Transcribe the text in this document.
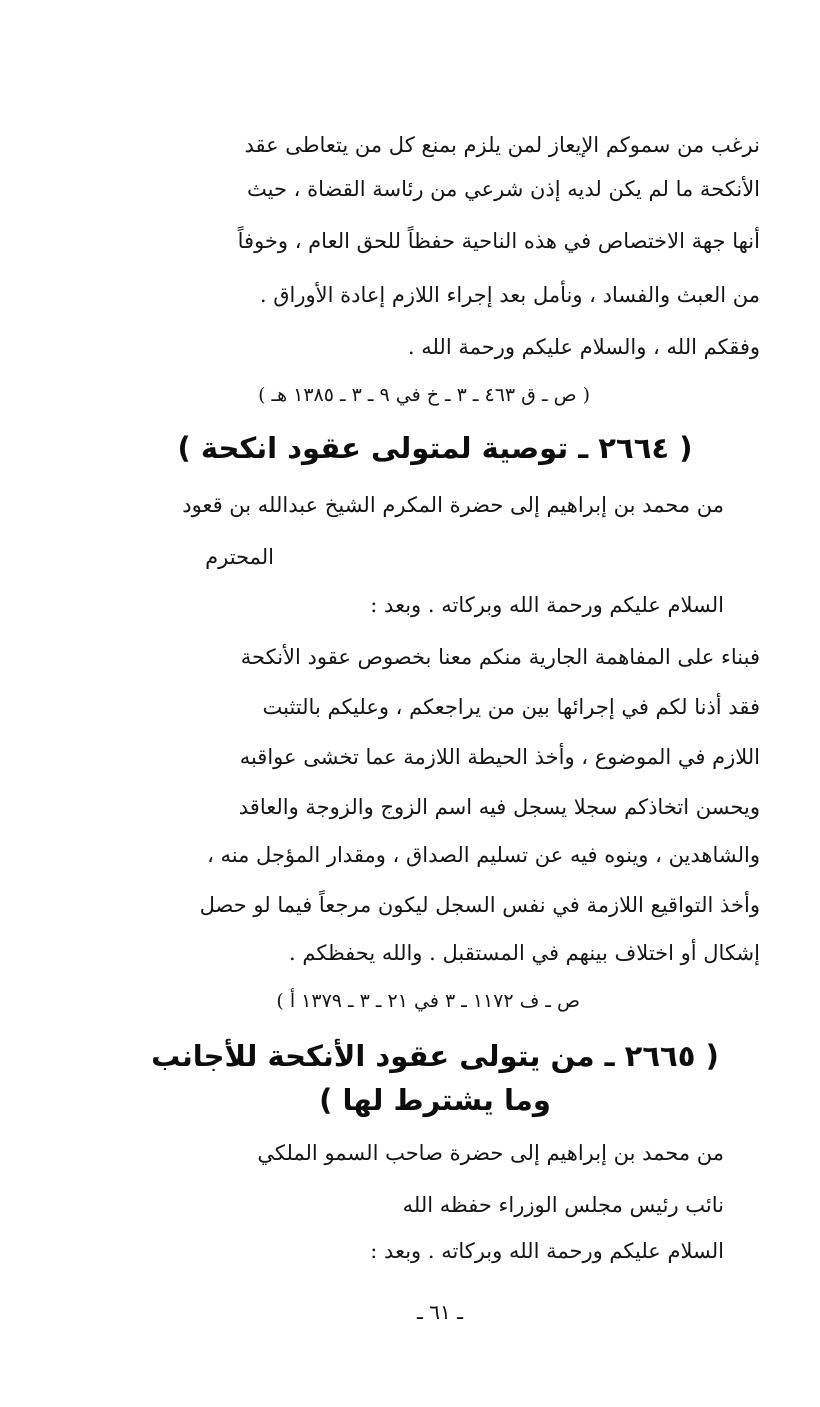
نرغب من سموكم الإيعاز لمن يلزم بمنع كل من يتعاطى عقد
الأنكحة ما لم يكن لديه إذن شرعي من رئاسة القضاة ، حيث
أنها جهة الاختصاص في هذه الناحية حفظاً للحق العام ، وخوفاً
من العبث والفساد ، ونأمل بعد إجراء اللازم إعادة الأوراق .
وفقكم الله ، والسلام عليكم ورحمة الله .
( ص ـ ق ٤٦٣ ـ ٣ ـ خ في ٩ ـ ٣ ـ ١٣٨٥ هـ )
( ٢٦٦٤ ـ توصية لمتولى عقود انكحة )
من محمد بن إبراهيم إلى حضرة المكرم الشيخ عبدالله بن قعود
المحترم
السلام عليكم ورحمة الله وبركاته . وبعد :
فبناء على المفاهمة الجارية منكم معنا بخصوص عقود الأنكحة
فقد أذنا لكم في إجرائها بين من يراجعكم ، وعليكم بالتثبت
اللازم في الموضوع ، وأخذ الحيطة اللازمة عما تخشى عواقبه
ويحسن اتخاذكم سجلا يسجل فيه اسم الزوج والزوجة والعاقد
والشاهدين ، وينوه فيه عن تسليم الصداق ، ومقدار المؤجل منه ،
وأخذ التواقيع اللازمة في نفس السجل ليكون مرجعاً فيما لو حصل
إشكال أو اختلاف بينهم في المستقبل . والله يحفظكم .
ص ـ ف ١١٧٢ ـ ٣ في ٢١ ـ ٣ ـ ١٣٧٩ أ )
( ٢٦٦٥ ـ من يتولى عقود الأنكحة للأجانب
وما يشترط لها )
من محمد بن إبراهيم إلى حضرة صاحب السمو الملكي
نائب رئيس مجلس الوزراء حفظه الله
السلام عليكم ورحمة الله وبركاته . وبعد :
ـ ٦١ ـ
